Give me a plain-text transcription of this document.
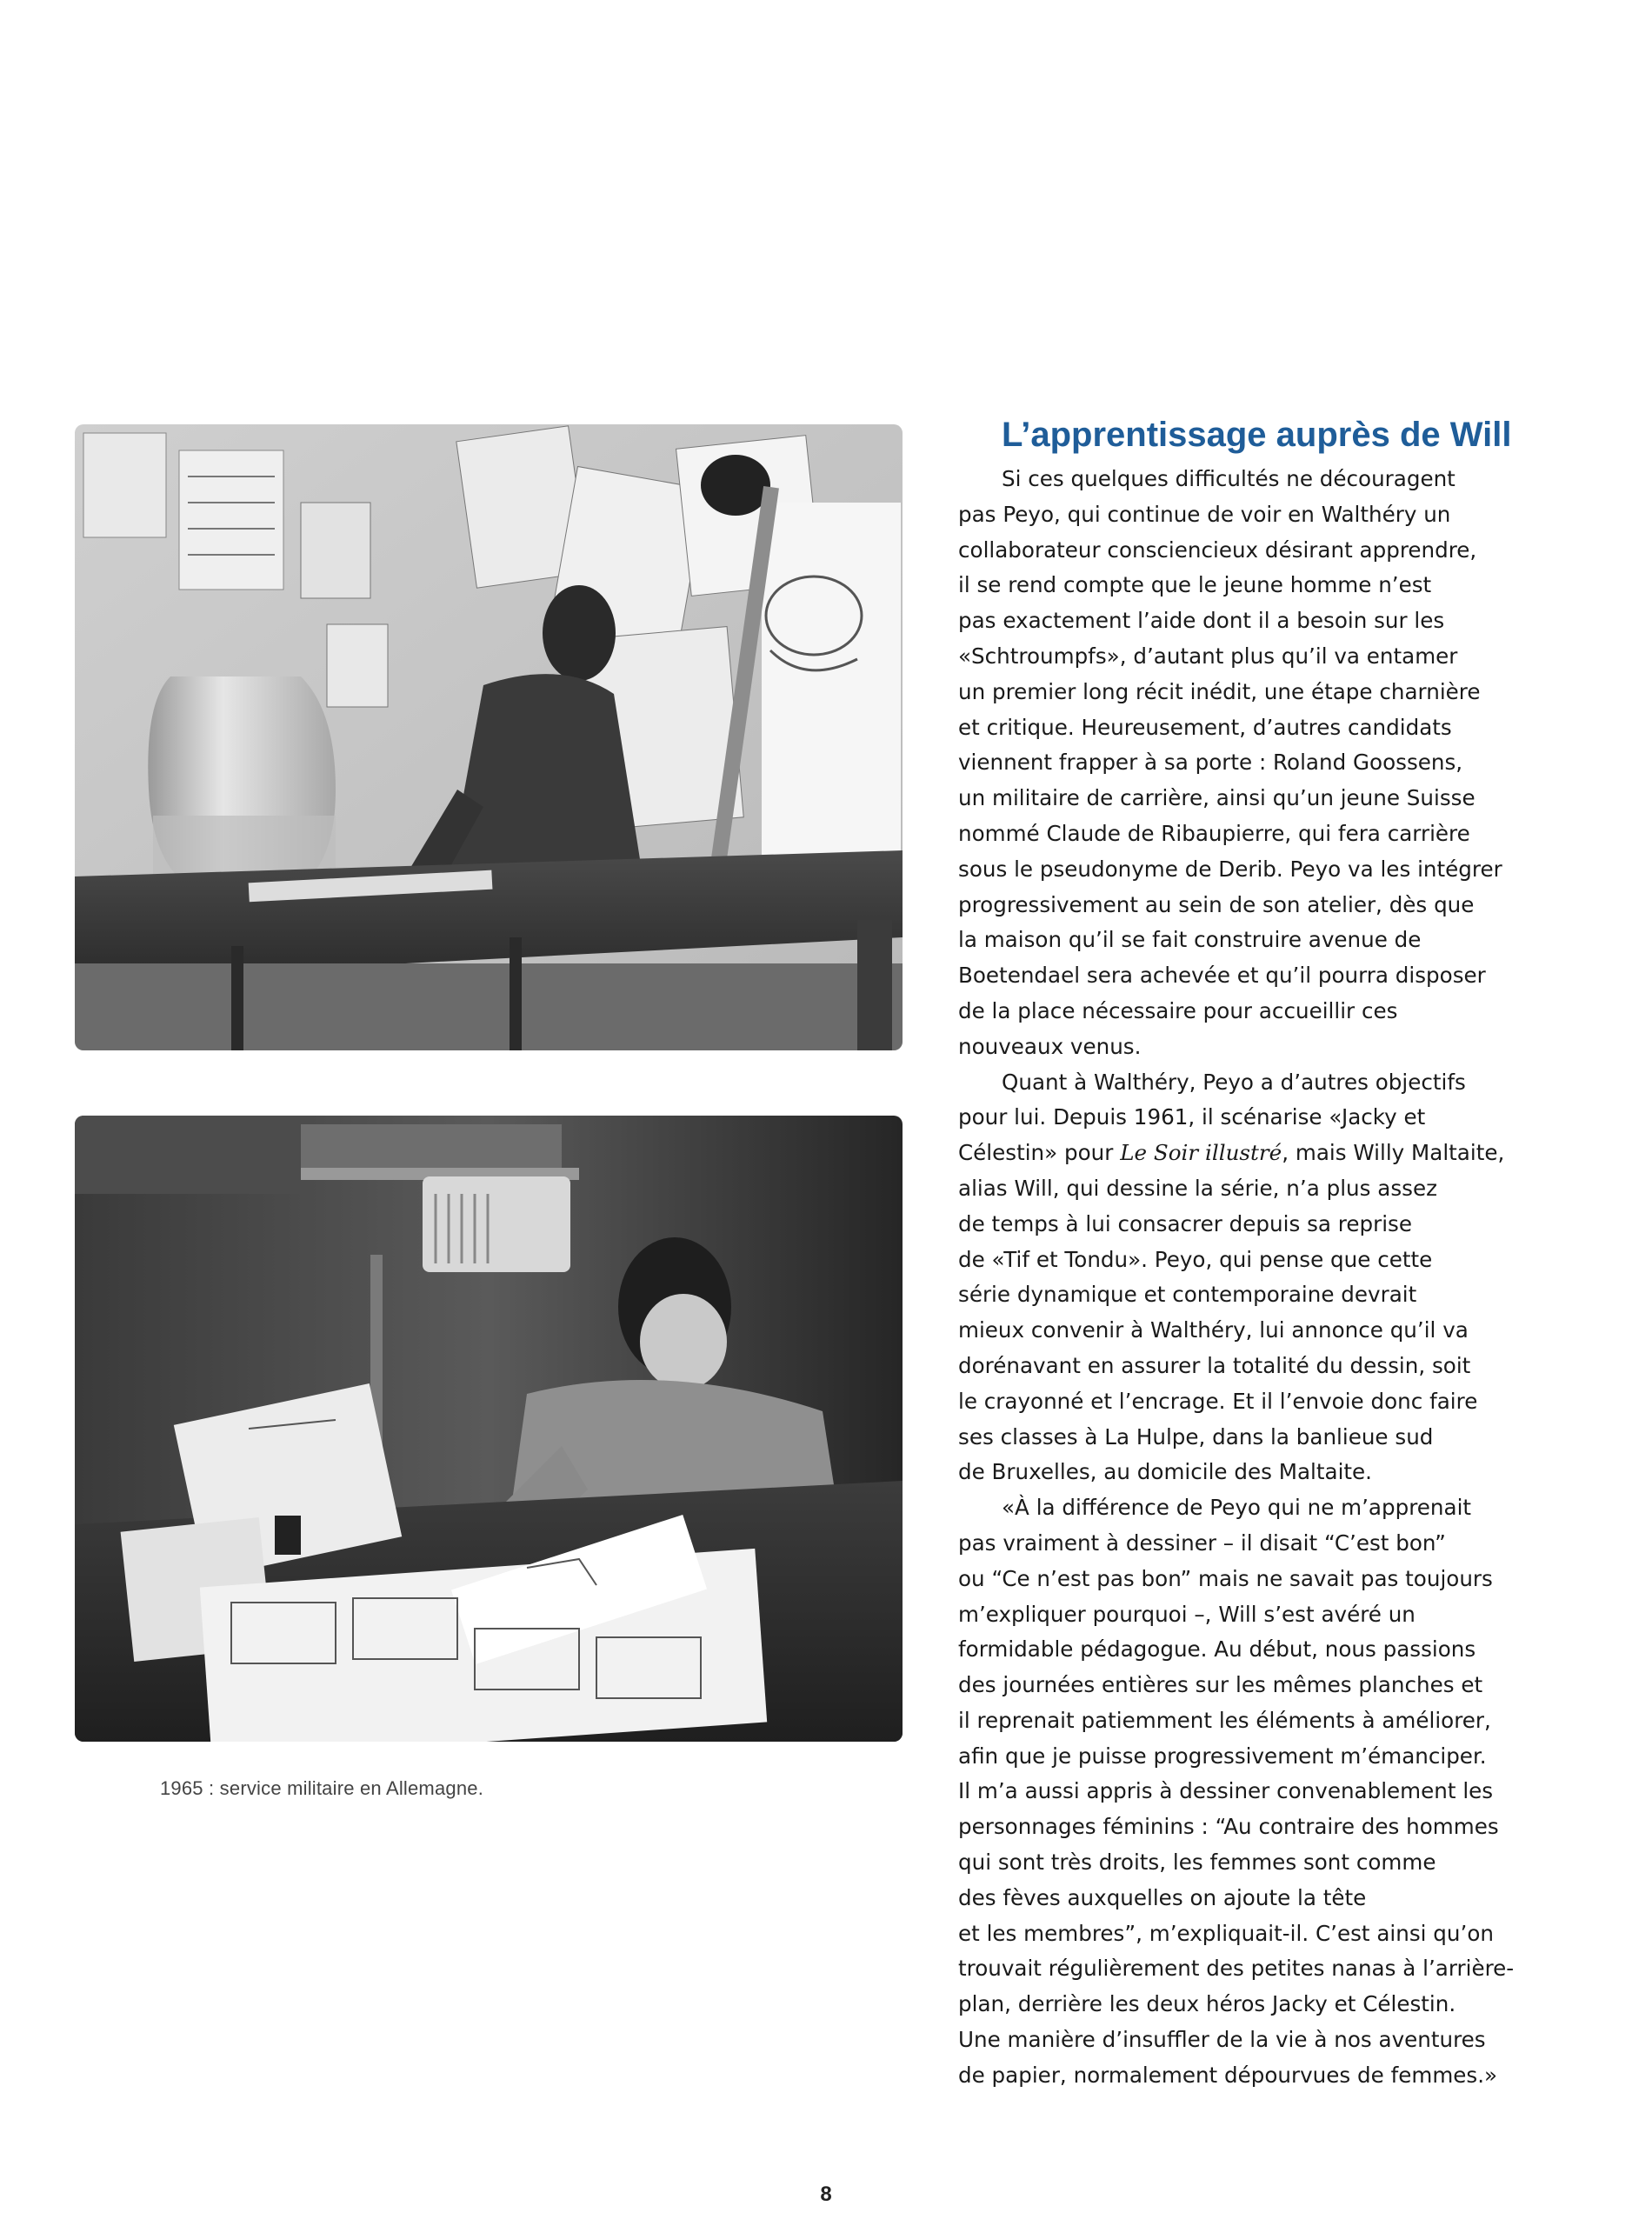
1965 : service militaire en Allemagne.
L’apprentissage auprès de Will
Si ces quelques difficultés ne découragent
pas Peyo, qui continue de voir en Walthéry un
collaborateur consciencieux désirant apprendre,
il se rend compte que le jeune homme n’est
pas exactement l’aide dont il a besoin sur les
«Schtroumpfs», d’autant plus qu’il va entamer
un premier long récit inédit, une étape charnière
et critique. Heureusement, d’autres candidats
viennent frapper à sa porte : Roland Goossens,
un militaire de carrière, ainsi qu’un jeune Suisse
nommé Claude de Ribaupierre, qui fera carrière
sous le pseudonyme de Derib. Peyo va les intégrer
progressivement au sein de son atelier, dès que
la maison qu’il se fait construire avenue de
Boetendael sera achevée et qu’il pourra disposer
de la place nécessaire pour accueillir ces
nouveaux venus.
Quant à Walthéry, Peyo a d’autres objectifs
pour lui. Depuis 1961, il scénarise «Jacky et
Célestin» pour Le Soir illustré, mais Willy Maltaite,
alias Will, qui dessine la série, n’a plus assez
de temps à lui consacrer depuis sa reprise
de «Tif et Tondu». Peyo, qui pense que cette
série dynamique et contemporaine devrait
mieux convenir à Walthéry, lui annonce qu’il va
dorénavant en assurer la totalité du dessin, soit
le crayonné et l’encrage. Et il l’envoie donc faire
ses classes à La Hulpe, dans la banlieue sud
de Bruxelles, au domicile des Maltaite.
«À la différence de Peyo qui ne m’apprenait
pas vraiment à dessiner – il disait “C’est bon”
ou “Ce n’est pas bon” mais ne savait pas toujours
m’expliquer pourquoi –, Will s’est avéré un
formidable pédagogue. Au début, nous passions
des journées entières sur les mêmes planches et
il reprenait patiemment les éléments à améliorer,
afin que je puisse progressivement m’émanciper.
Il m’a aussi appris à dessiner convenablement les
personnages féminins : “Au contraire des hommes
qui sont très droits, les femmes sont comme
des fèves auxquelles on ajoute la tête
et les membres”, m’expliquait-il. C’est ainsi qu’on
trouvait régulièrement des petites nanas à l’arrière-
plan, derrière les deux héros Jacky et Célestin.
Une manière d’insuffler de la vie à nos aventures
de papier, normalement dépourvues de femmes.»
8
